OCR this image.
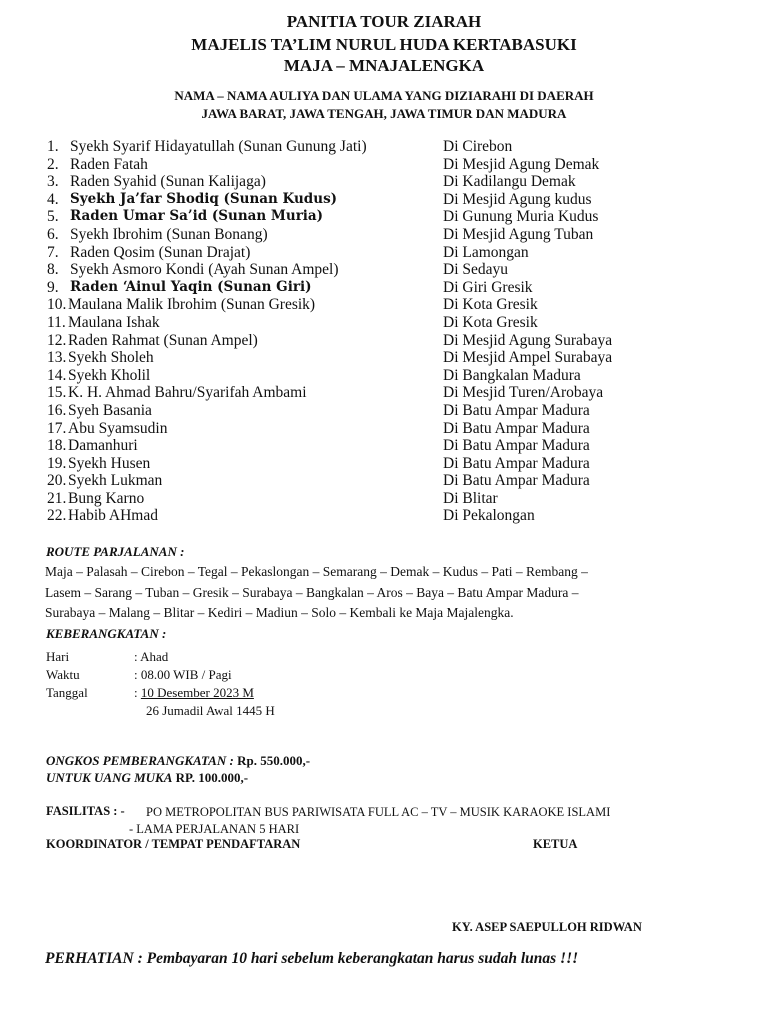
PANITIA TOUR ZIARAH
MAJELIS TA’LIM NURUL HUDA KERTABASUKI
MAJA – MNAJALENGKA
NAMA – NAMA AULIYA DAN ULAMA YANG DIZIARAHI DI DAERAH
JAWA BARAT, JAWA TENGAH, JAWA TIMUR DAN MADURA
1. Syekh Syarif Hidayatullah (Sunan Gunung Jati)	Di Cirebon
2. Raden Fatah	Di Mesjid Agung Demak
3. Raden Syahid (Sunan Kalijaga)	Di Kadilangu Demak
4. Syekh Ja’far Shodiq (Sunan Kudus)	Di Mesjid Agung kudus
5. Raden Umar Sa’id (Sunan Muria)	Di Gunung Muria Kudus
6. Syekh Ibrohim (Sunan Bonang)	Di Mesjid Agung Tuban
7. Raden Qosim (Sunan Drajat)	Di Lamongan
8. Syekh Asmoro Kondi (Ayah Sunan Ampel)	Di Sedayu
9. Raden ‘Ainul Yaqin (Sunan Giri)	Di Giri Gresik
10. Maulana Malik Ibrohim (Sunan Gresik)	Di Kota Gresik
11. Maulana Ishak	Di Kota Gresik
12. Raden Rahmat (Sunan Ampel)	Di Mesjid Agung Surabaya
13. Syekh Sholeh	Di Mesjid Ampel Surabaya
14. Syekh Kholil	Di Bangkalan Madura
15. K. H. Ahmad Bahru/Syarifah Ambami	Di Mesjid Turen/Arobaya
16. Syeh Basania	Di Batu Ampar Madura
17. Abu Syamsudin	Di Batu Ampar Madura
18. Damanhuri	Di Batu Ampar Madura
19. Syekh Husen	Di Batu Ampar Madura
20. Syekh Lukman	Di Batu Ampar Madura
21. Bung Karno	Di Blitar
22. Habib AHmad	Di Pekalongan
ROUTE PARJALANAN :
Maja – Palasah – Cirebon – Tegal – Pekaslongan – Semarang – Demak – Kudus – Pati – Rembang –
Lasem – Sarang – Tuban – Gresik – Surabaya – Bangkalan – Aros – Baya – Batu Ampar Madura –
Surabaya – Malang – Blitar – Kediri – Madiun – Solo – Kembali ke Maja Majalengka.
KEBERANGKATAN :
Hari	: Ahad
Waktu	: 08.00 WIB / Pagi
Tanggal	: 10 Desember 2023 M
26 Jumadil Awal 1445 H
ONGKOS PEMBERANGKATAN : Rp. 550.000,-
UNTUK UANG MUKA RP. 100.000,-
FASILITAS : - PO METROPOLITAN BUS PARIWISATA FULL AC – TV – MUSIK KARAOKE ISLAMI
- LAMA PERJALANAN 5 HARI
KOORDINATOR / TEMPAT PENDAFTARAN	KETUA
KY. ASEP SAEPULLOH RIDWAN
PERHATIAN : Pembayaran 10 hari sebelum keberangkatan harus sudah lunas !!!
